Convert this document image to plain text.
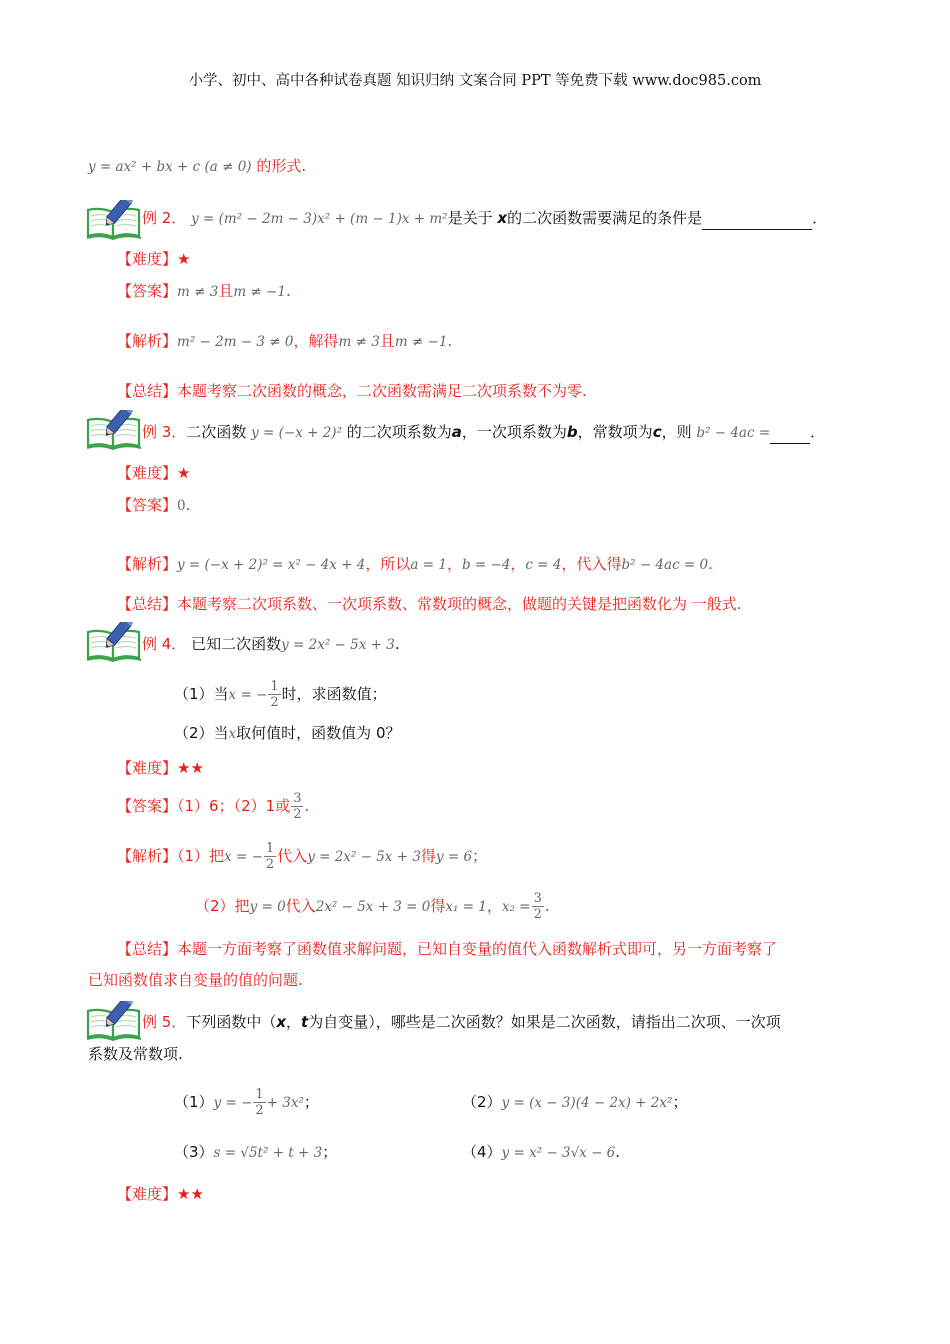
小学、初中、高中各种试卷真题 知识归纳 文案合同 PPT 等免费下载 www.doc985.com
y = ax² + bx + c (a ≠ 0) 的形式.
例 2． y = (m² − 2m − 3)x² + (m − 1)x + m²是关于 x的二次函数需要满足的条件是	．
【难度】★
【答案】m ≠ 3且m ≠ −1.
【解析】m² − 2m − 3 ≠ 0，解得m ≠ 3且m ≠ −1.
【总结】本题考察二次函数的概念，二次函数需满足二次项系数不为零.
例 3．二次函数 y = (−x + 2)² 的二次项系数为a，一次项系数为b，常数项为c，则 b² − 4ac =	．
【难度】★
【答案】0.
【解析】y = (−x + 2)² = x² − 4x + 4，所以a = 1，b = −4，c = 4，代入得b² − 4ac = 0.
【总结】本题考察二次项系数、一次项系数、常数项的概念，做题的关键是把函数化为 一般式.
例 4． 已知二次函数y = 2x² − 5x + 3.
（1）当x = − $\frac{1}{2}$ 时，求函数值；
（2）当x取何值时，函数值为 0？
【难度】★★
【答案】（1）6；（2）1或 $\frac{3}{2}$ .
【解析】（1）把x = − $\frac{1}{2}$ 代入y = 2x² − 5x + 3得y = 6；
（2）把y = 0代入2x² − 5x + 3 = 0得x₁ = 1，$x_2 = \frac{3}{2}$ .
【总结】本题一方面考察了函数值求解问题，已知自变量的值代入函数解析式即可，另一方面考察了
已知函数值求自变量的值的问题.
例 5．下列函数中（x，t为自变量），哪些是二次函数？如果是二次函数，请指出二次项、一次项
系数及常数项.
（1）y = − $\frac{1}{2} + 3x^2$；	（2）y = (x − 3)(4 − 2x) + 2x²；
（3）s = √5t² + t + 3；	（4）y = x² − 3√x − 6.
【难度】★★
